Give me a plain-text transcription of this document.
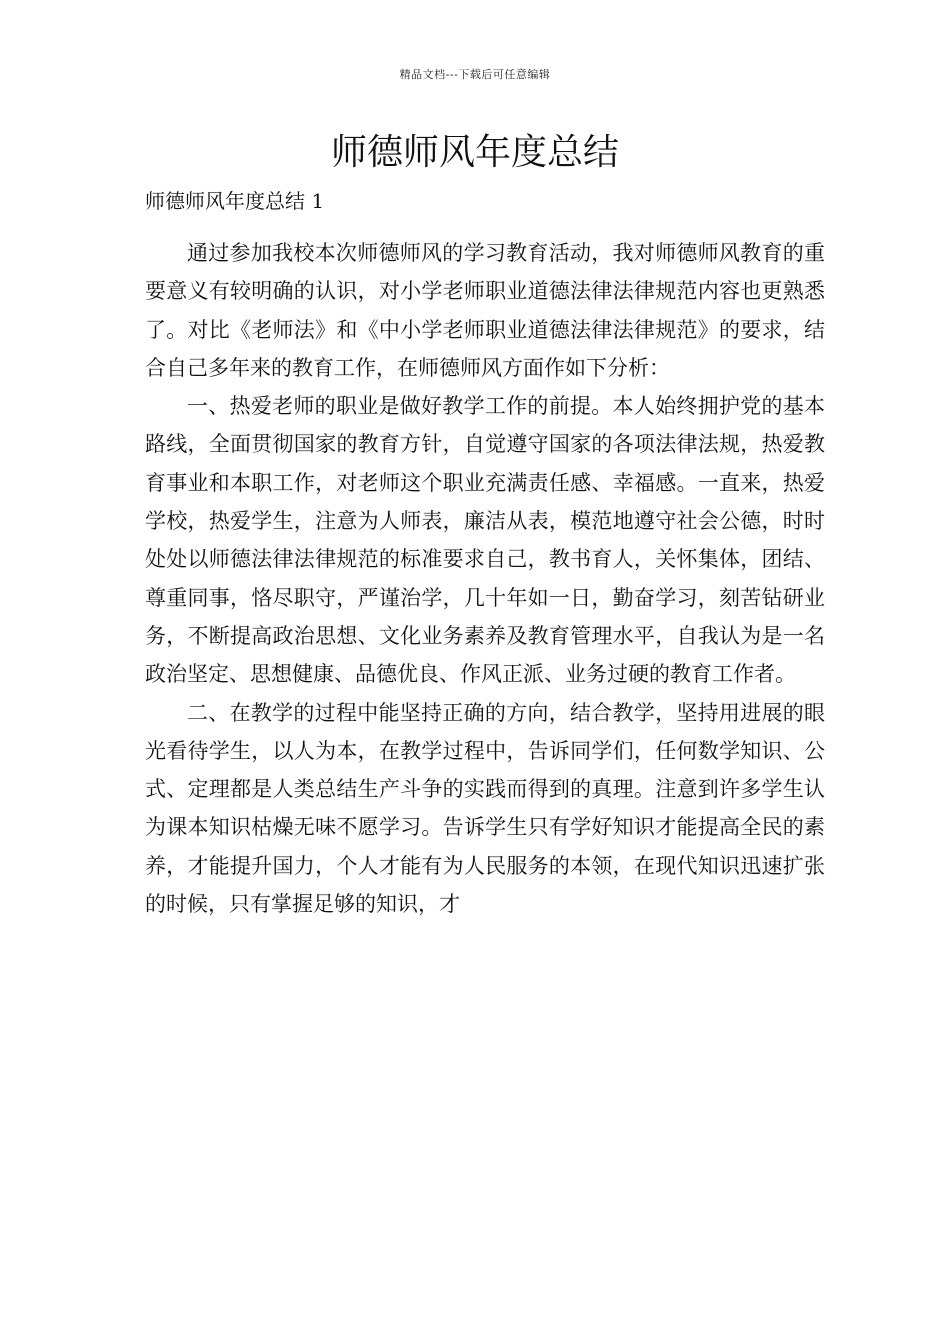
精品文档---下载后可任意编辑
师德师风年度总结
师德师风年度总结 1

通过参加我校本次师德师风的学习教育活动，我对师德师风教育的重要意义有较明确的认识，对小学老师职业道德法律法律规范内容也更熟悉了。对比《老师法》和《中小学老师职业道德法律法律规范》的要求，结合自己多年来的教育工作，在师德师风方面作如下分析：

一、热爱老师的职业是做好教学工作的前提。本人始终拥护党的基本路线，全面贯彻国家的教育方针，自觉遵守国家的各项法律法规，热爱教育事业和本职工作，对老师这个职业充满责任感、幸福感。一直来，热爱学校，热爱学生，注意为人师表，廉洁从表，模范地遵守社会公德，时时处处以师德法律法律规范的标准要求自己，教书育人，关怀集体，团结、尊重同事，恪尽职守，严谨治学，几十年如一日，勤奋学习，刻苦钻研业务，不断提高政治思想、文化业务素养及教育管理水平，自我认为是一名政治坚定、思想健康、品德优良、作风正派、业务过硬的教育工作者。

二、在教学的过程中能坚持正确的方向，结合教学，坚持用进展的眼光看待学生，以人为本，在教学过程中，告诉同学们，任何数学知识、公式、定理都是人类总结生产斗争的实践而得到的真理。注意到许多学生认为课本知识枯燥无味不愿学习。告诉学生只有学好知识才能提高全民的素养，才能提升国力，个人才能有为人民服务的本领，在现代知识迅速扩张的时候，只有掌握足够的知识，才
